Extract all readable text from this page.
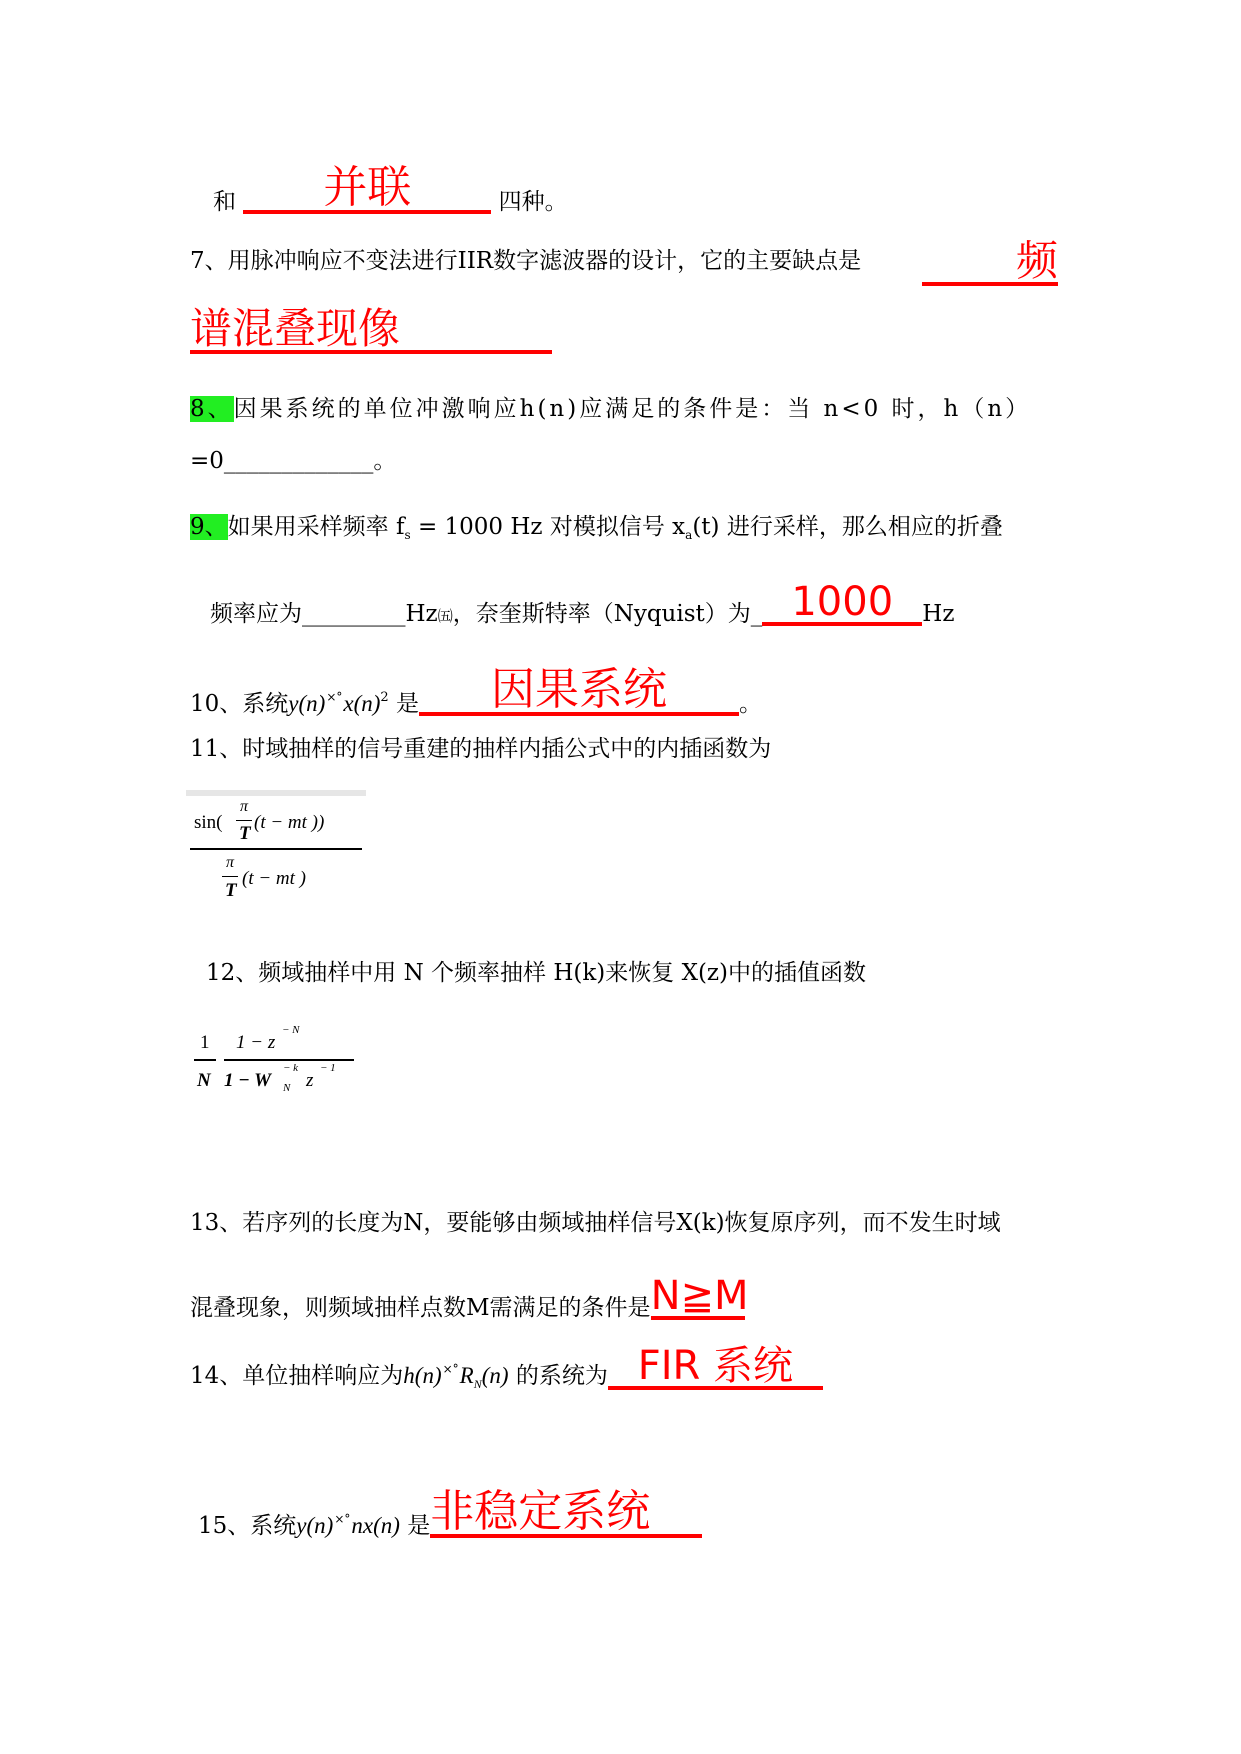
和 并联	四种。
7、用脉冲响应不变法进行IIR数字滤波器的设计，它的主要缺点是	频
谱混叠现像
8、因果系统的单位冲激响应h(n)应满足的条件是：当 n<0 时，h（n）
=0_____________。
9、如果用采样频率 $f_s = 1000$ Hz 对模拟信号 $x_a(t)$ 进行采样，那么相应的折叠
频率应为_________Hz㈤，奈奎斯特率（Nyquist）为_ 1000 Hz
10、系统$y(n)^{\times^\circ}x(n)^2$ 是 因果系统	。
11、时域抽样的信号重建的抽样内插公式中的内插函数为
sin(
π
T
(t − mt ))
π
T
(t − mt )
12、频域抽样中用 N 个频率抽样 H(k)来恢复 X(z)中的插值函数
1
N
1 − z
− N
1 − W
− k
N z
− 1
13、若序列的长度为N，要能够由频域抽样信号X(k)恢复原序列，而不发生时域
混叠现象，则频域抽样点数M需满足的条件是N≧M
14、单位抽样响应为$h(n)^{\times^\circ}R_N(n)$ 的系统为 FIR 系统
15、系统y(n)×°nx(n) 是非稳定系统
